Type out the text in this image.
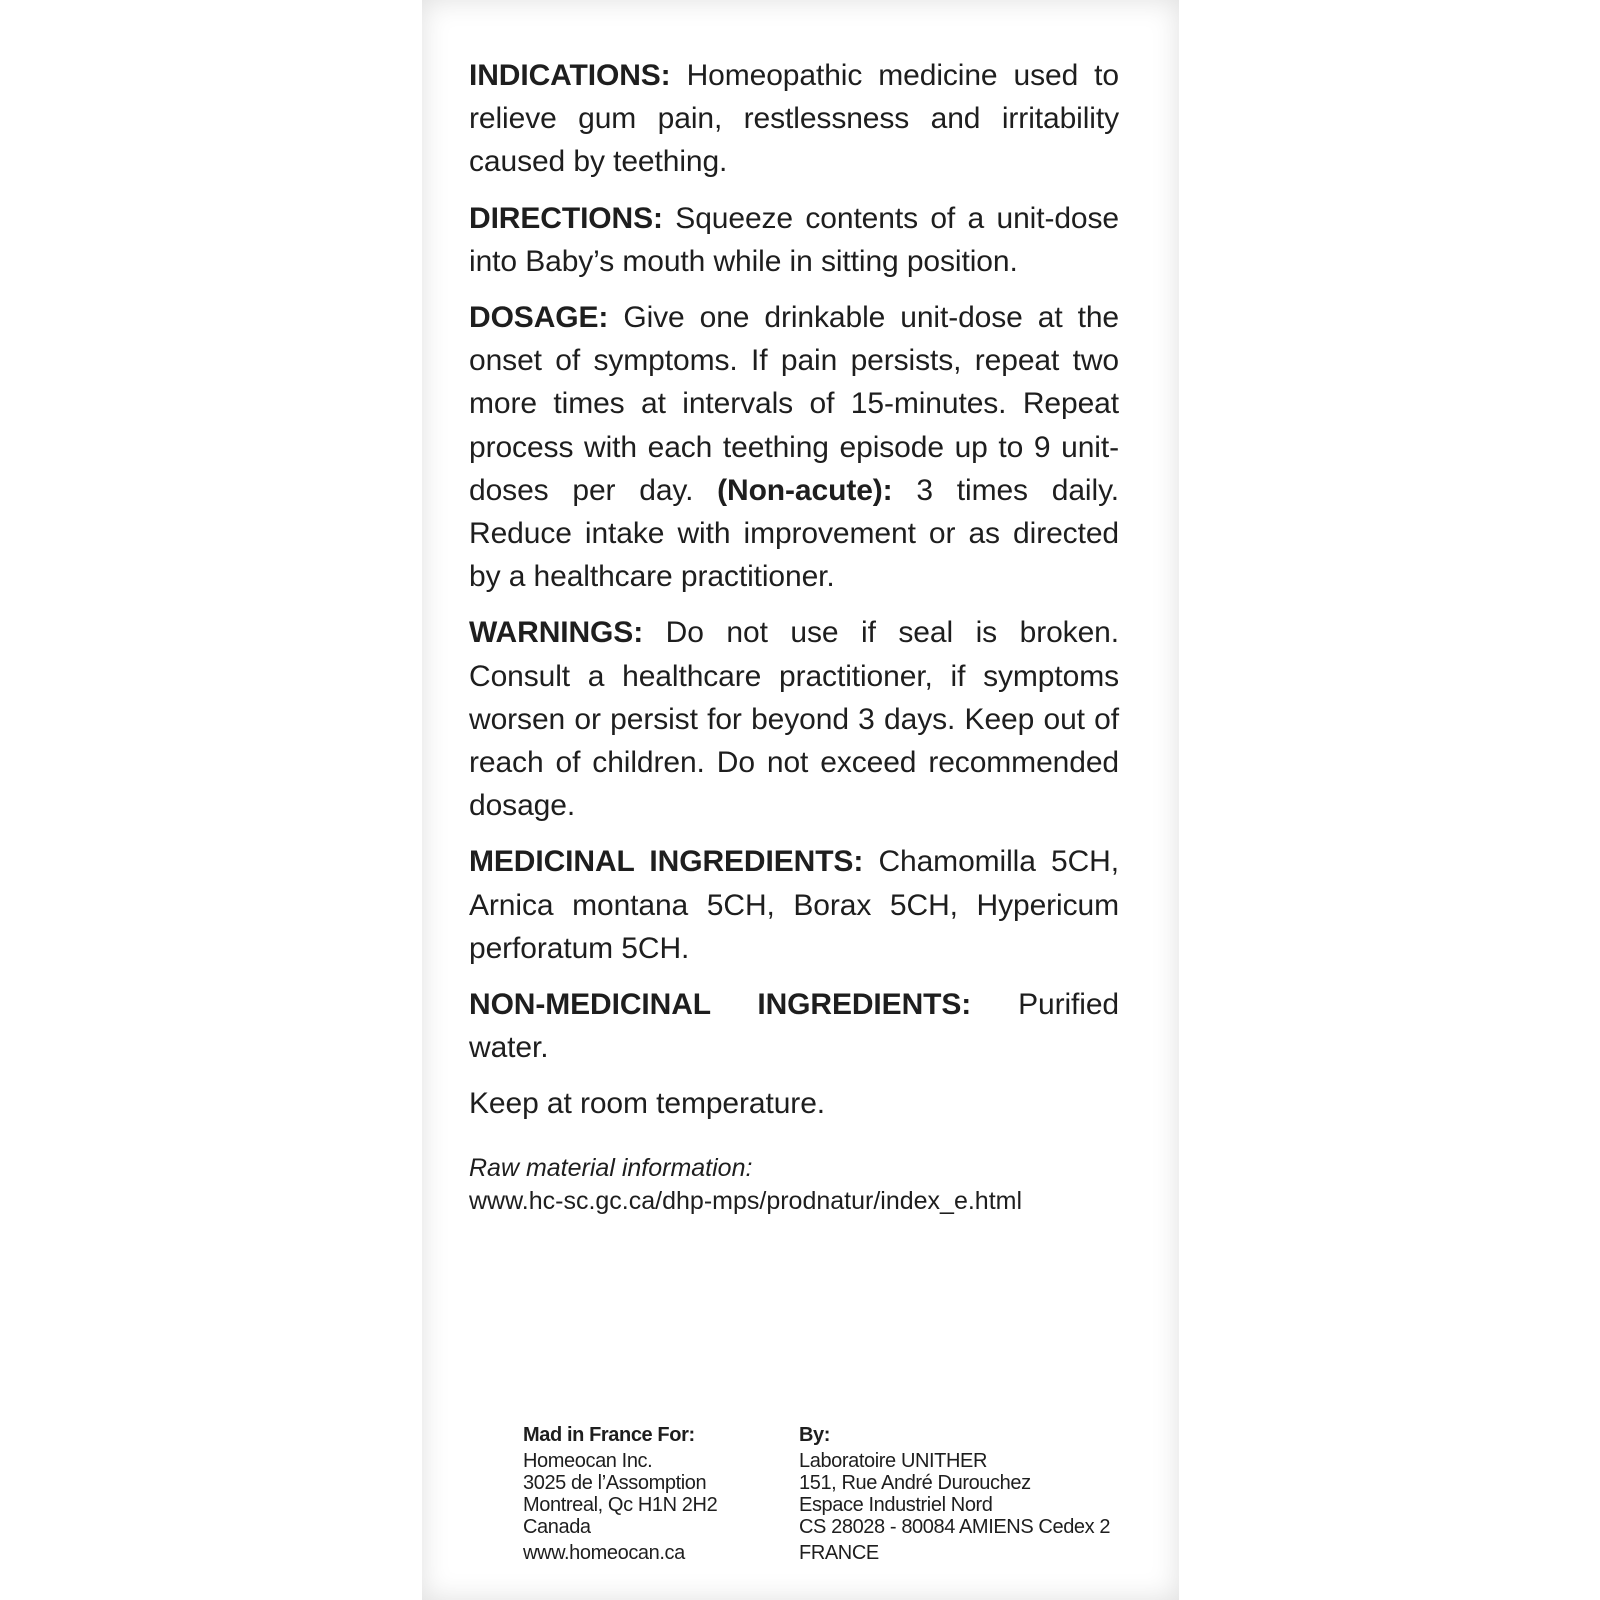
INDICATIONS: Homeopathic medicine used to relieve gum pain, restlessness and irritability caused by teething.

DIRECTIONS: Squeeze contents of a unit-dose into Baby’s mouth while in sitting position.

DOSAGE: Give one drinkable unit-dose at the onset of symptoms. If pain persists, repeat two more times at intervals of 15-minutes. Repeat process with each teething episode up to 9 unit-doses per day. (Non-acute): 3 times daily. Reduce intake with improvement or as directed by a healthcare practitioner.

WARNINGS: Do not use if seal is broken. Consult a healthcare practitioner, if symptoms worsen or persist for beyond 3 days. Keep out of reach of children. Do not exceed recommended dosage.

MEDICINAL INGREDIENTS: Chamomilla 5CH, Arnica montana 5CH, Borax 5CH, Hypericum perforatum 5CH.

NON-MEDICINAL INGREDIENTS: Purified water.

Keep at room temperature.

Raw material information:
www.hc-sc.gc.ca/dhp-mps/prodnatur/index_e.html
Mad in France For:
Homeocan Inc.
3025 de l’Assomption
Montreal, Qc H1N 2H2
Canada
www.homeocan.ca
By:
Laboratoire UNITHER
151, Rue André Durouchez
Espace Industriel Nord
CS 28028 - 80084 AMIENS Cedex 2
FRANCE
